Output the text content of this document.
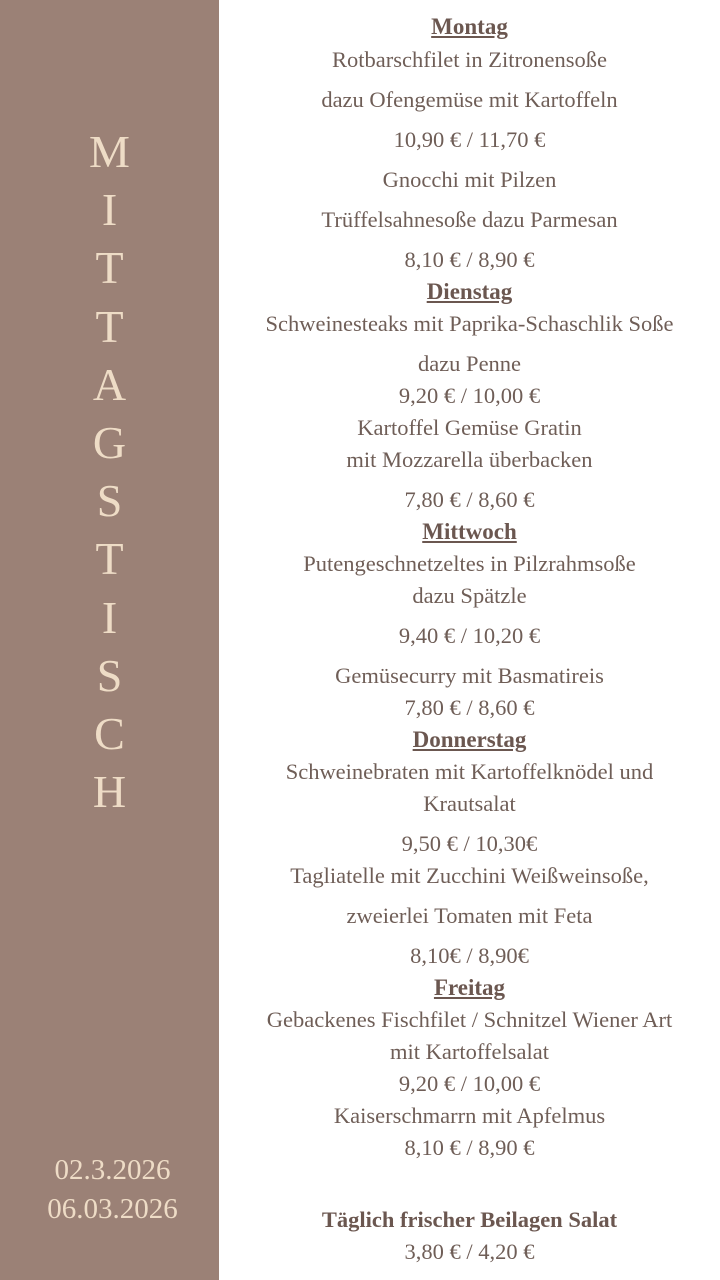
M
I
T
T
A
G
S
T
I
S
C
H
02.3.2026
06.03.2026
Montag
Rotbarschfilet in Zitronensoße
dazu Ofengemüse mit Kartoffeln
10,90 € / 11,70 €
Gnocchi mit Pilzen
Trüffelsahnesoße dazu Parmesan
8,10 € / 8,90 €
Dienstag
Schweinesteaks mit Paprika-Schaschlik Soße
dazu Penne
9,20 € / 10,00 €
Kartoffel Gemüse Gratin
mit Mozzarella überbacken
7,80 € / 8,60 €
Mittwoch
Putengeschnetzeltes in Pilzrahmsoße
dazu Spätzle
9,40 € / 10,20 €
Gemüsecurry mit Basmatireis
7,80 € / 8,60 €
Donnerstag
Schweinebraten mit Kartoffelknödel und
Krautsalat
9,50 € / 10,30€
Tagliatelle mit Zucchini Weißweinsoße,
zweierlei Tomaten mit Feta
8,10€ / 8,90€
Freitag
Gebackenes Fischfilet / Schnitzel Wiener Art
mit Kartoffelsalat
9,20 € / 10,00 €
Kaiserschmarrn mit Apfelmus
8,10 € / 8,90 €
Täglich frischer Beilagen Salat
3,80 € / 4,20 €
